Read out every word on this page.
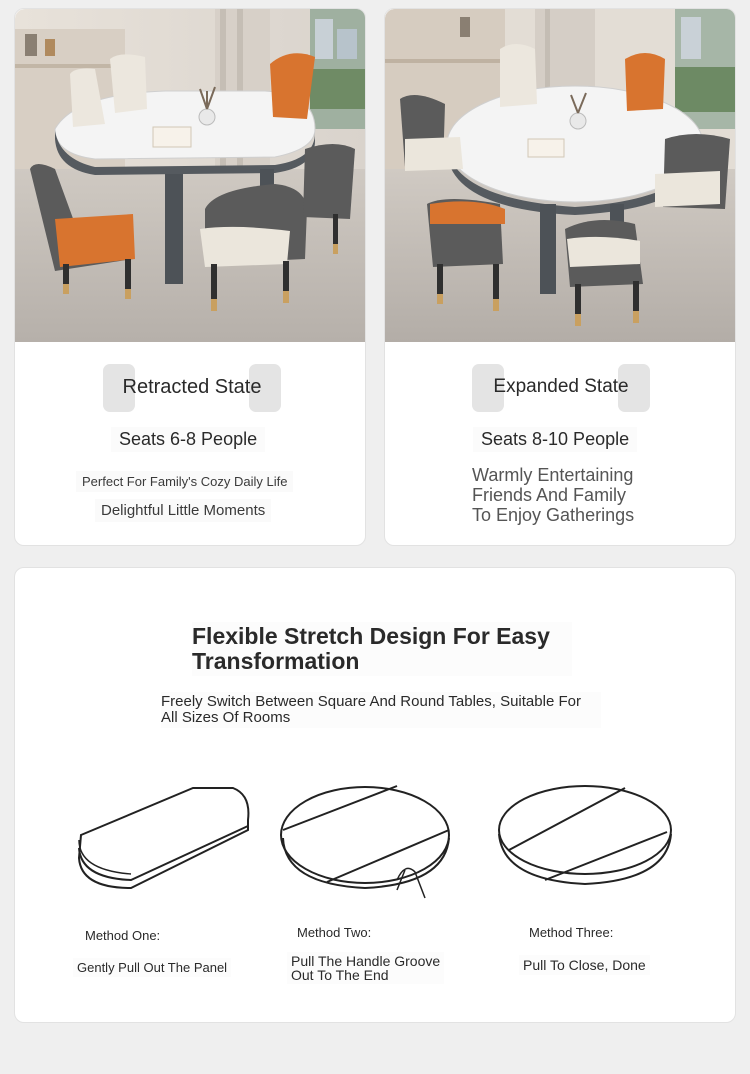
Retracted State
Seats 6-8 People
Perfect For Family's Cozy Daily Life
Delightful Little Moments
Expanded State
Seats 8-10 People
Warmly Entertaining
Friends And Family
To Enjoy Gatherings
Flexible Stretch Design For Easy
Transformation
Freely Switch Between Square And Round Tables, Suitable For
All Sizes Of Rooms
Method One:
Gently Pull Out The Panel
Method Two:
Pull The Handle Groove
Out To The End
Method Three:
Pull To Close, Done
